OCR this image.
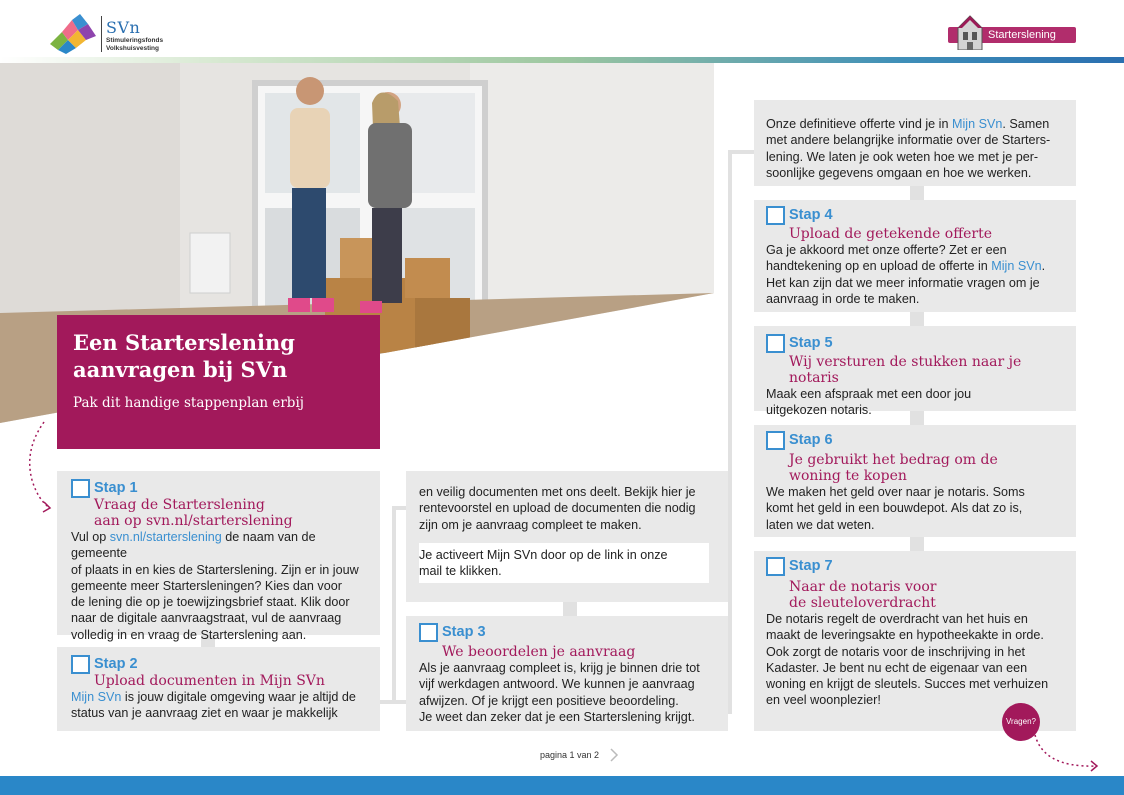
SVn
Stimuleringsfonds
Volkshuisvesting
Starterslening
Een Starterslening
aanvragen bij SVn
Pak dit handige stappenplan erbij
Stap 1
Vraag de Starterslening
aan op svn.nl/starterslening
Vul op svn.nl/starterslening de naam van de gemeente
of plaats in en kies de Starterslening. Zijn er in jouw
gemeente meer Startersleningen? Kies dan voor
de lening die op je toewijzingsbrief staat. Klik door
naar de digitale aanvraagstraat, vul de aanvraag
volledig in en vraag de Starterslening aan.
Stap 2
Upload documenten in Mijn SVn
Mijn SVn is jouw digitale omgeving waar je altijd de
status van je aanvraag ziet en waar je makkelijk
en veilig documenten met ons deelt. Bekijk hier je
rentevoorstel en upload de documenten die nodig
zijn om je aanvraag compleet te maken.
Je activeert Mijn SVn door op de link in onze
mail te klikken.
Stap 3
We beoordelen je aanvraag
Als je aanvraag compleet is, krijg je binnen drie tot
vijf werkdagen antwoord. We kunnen je aanvraag
afwijzen. Of je krijgt een positieve beoordeling.
Je weet dan zeker dat je een Starterslening krijgt.
Onze definitieve offerte vind je in Mijn SVn. Samen
met andere belangrijke informatie over de Starters-
lening. We laten je ook weten hoe we met je per-
soonlijke gegevens omgaan en hoe we werken.
Stap 4
Upload de getekende offerte
Ga je akkoord met onze offerte? Zet er een
handtekening op en upload de offerte in Mijn SVn.
Het kan zijn dat we meer informatie vragen om je
aanvraag in orde te maken.
Stap 5
Wij versturen de stukken naar je notaris
Maak een afspraak met een door jou
uitgekozen notaris.
Stap 6
Je gebruikt het bedrag om de
woning te kopen
We maken het geld over naar je notaris. Soms
komt het geld in een bouwdepot. Als dat zo is,
laten we dat weten.
Stap 7
Naar de notaris voor
de sleuteloverdracht
De notaris regelt de overdracht van het huis en
maakt de leveringsakte en hypotheekakte in orde.
Ook zorgt de notaris voor de inschrijving in het
Kadaster. Je bent nu echt de eigenaar van een
woning en krijgt de sleutels. Succes met verhuizen
en veel woonplezier!
Vragen?
pagina 1 van 2
